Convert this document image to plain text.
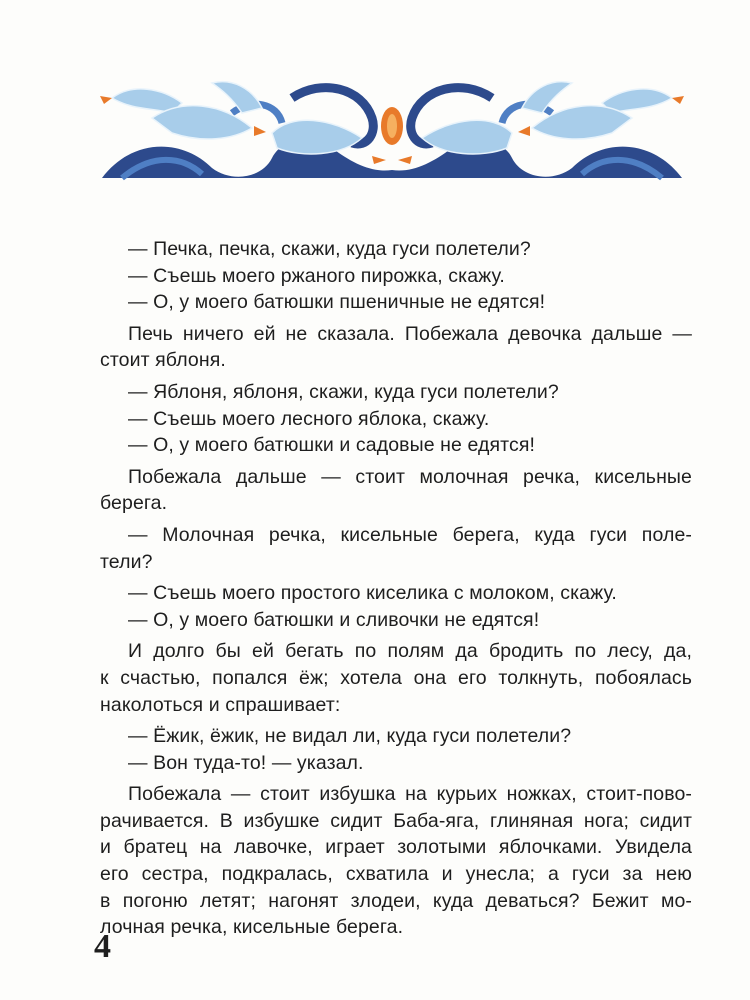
— Печка, печка, скажи, куда гуси полетели?
— Съешь моего ржаного пирожка, скажу.
— О, у моего батюшки пшеничные не едятся!
Печь ничего ей не сказала. Побежала девочка дальше —
стоит яблоня.
— Яблоня, яблоня, скажи, куда гуси полетели?
— Съешь моего лесного яблока, скажу.
— О, у моего батюшки и садовые не едятся!
Побежала дальше — стоит молочная речка, кисельные
берега.
— Молочная речка, кисельные берега, куда гуси поле-
тели?
— Съешь моего простого киселика с молоком, скажу.
— О, у моего батюшки и сливочки не едятся!
И долго бы ей бегать по полям да бродить по лесу, да,
к счастью, попался ёж; хотела она его толкнуть, побоялась
наколоться и спрашивает:
— Ёжик, ёжик, не видал ли, куда гуси полетели?
— Вон туда-то! — указал.
Побежала — стоит избушка на курьих ножках, стоит-пово-
рачивается. В избушке сидит Баба-яга, глиняная нога; сидит
и братец на лавочке, играет золотыми яблочками. Увидела
его сестра, подкралась, схватила и унесла; а гуси за нею
в погоню летят; нагонят злодеи, куда деваться? Бежит мо-
лочная речка, кисельные берега.
4
